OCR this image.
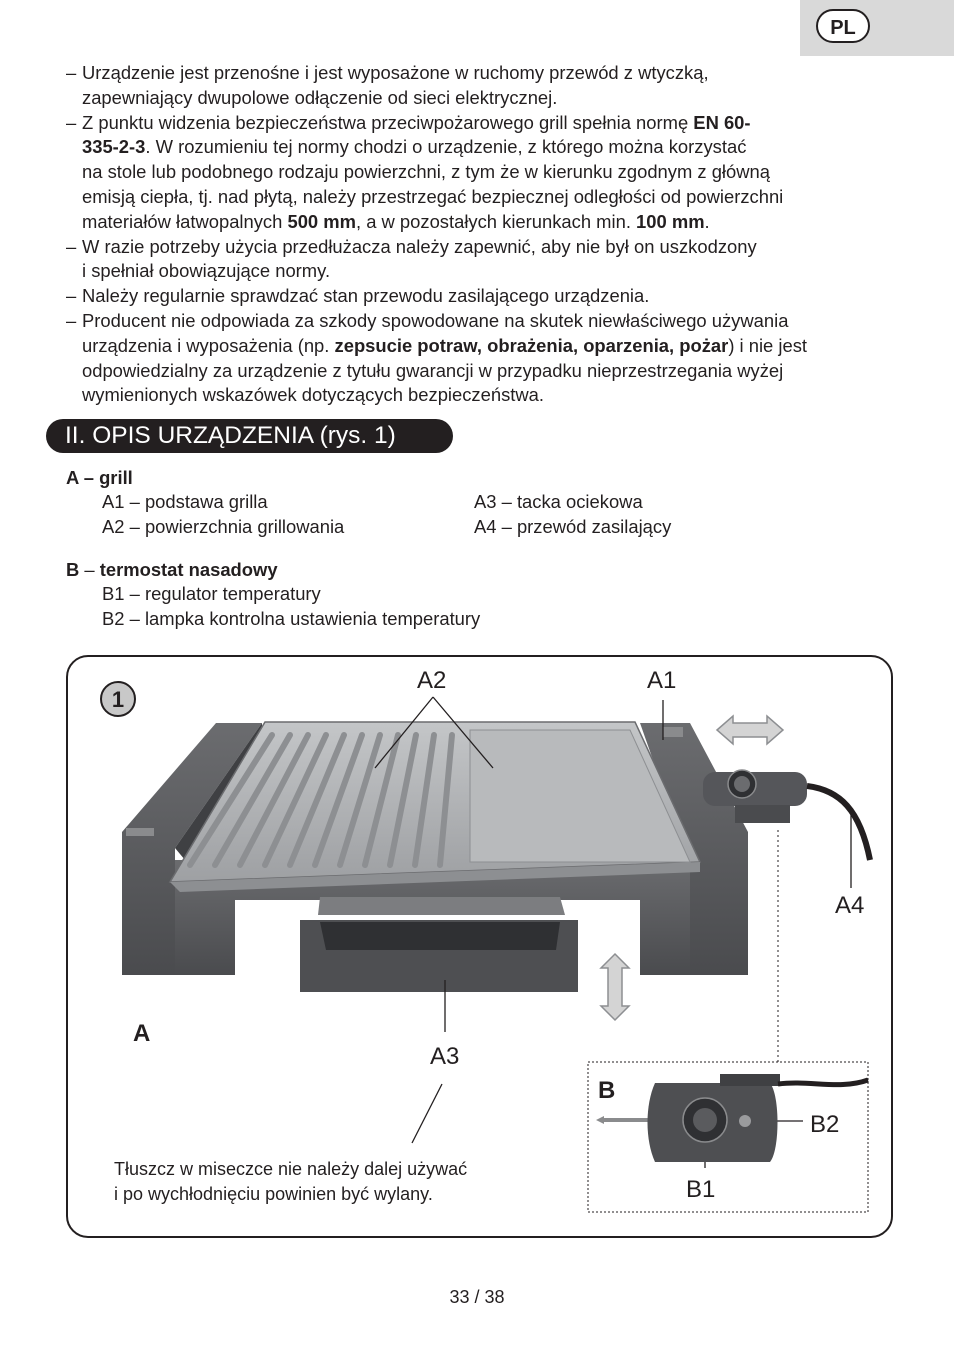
PL
– Urządzenie jest przenośne i jest wyposażone w ruchomy przewód z wtyczką,
zapewniający dwupolowe odłączenie od sieci elektrycznej.
– Z punktu widzenia bezpieczeństwa przeciwpożarowego grill spełnia normę EN 60-
335-2-3. W rozumieniu tej normy chodzi o urządzenie, z którego można korzystać
na stole lub podobnego rodzaju powierzchni, z tym że w kierunku zgodnym z główną
emisją ciepła, tj. nad płytą, należy przestrzegać bezpiecznej odległości od powierzchni
materiałów łatwopalnych 500 mm, a w pozostałych kierunkach min. 100 mm.
– W razie potrzeby użycia przedłużacza należy zapewnić, aby nie był on uszkodzony
i spełniał obowiązujące normy.
– Należy regularnie sprawdzać stan przewodu zasilającego urządzenia.
– Producent nie odpowiada za szkody spowodowane na skutek niewłaściwego używania
urządzenia i wyposażenia (np. zepsucie potraw, obrażenia, oparzenia, pożar) i nie jest
odpowiedzialny za urządzenie z tytułu gwarancji w przypadku nieprzestrzegania wyżej
wymienionych wskazówek dotyczących bezpieczeństwa.
II. OPIS URZĄDZENIA (rys. 1)
A – grill
A1 – podstawa grilla
A2 – powierzchnia grillowania
A3 – tacka ociekowa
A4 – przewód zasilający
B – termostat nasadowy
B1 – regulator temperatury
B2 – lampka kontrolna ustawienia temperatury
1
A2	A1
A4
A
A3
B
B2
B1
Tłuszcz w miseczce nie należy dalej używać
i po wychłodnięciu powinien być wylany.
33 / 38
